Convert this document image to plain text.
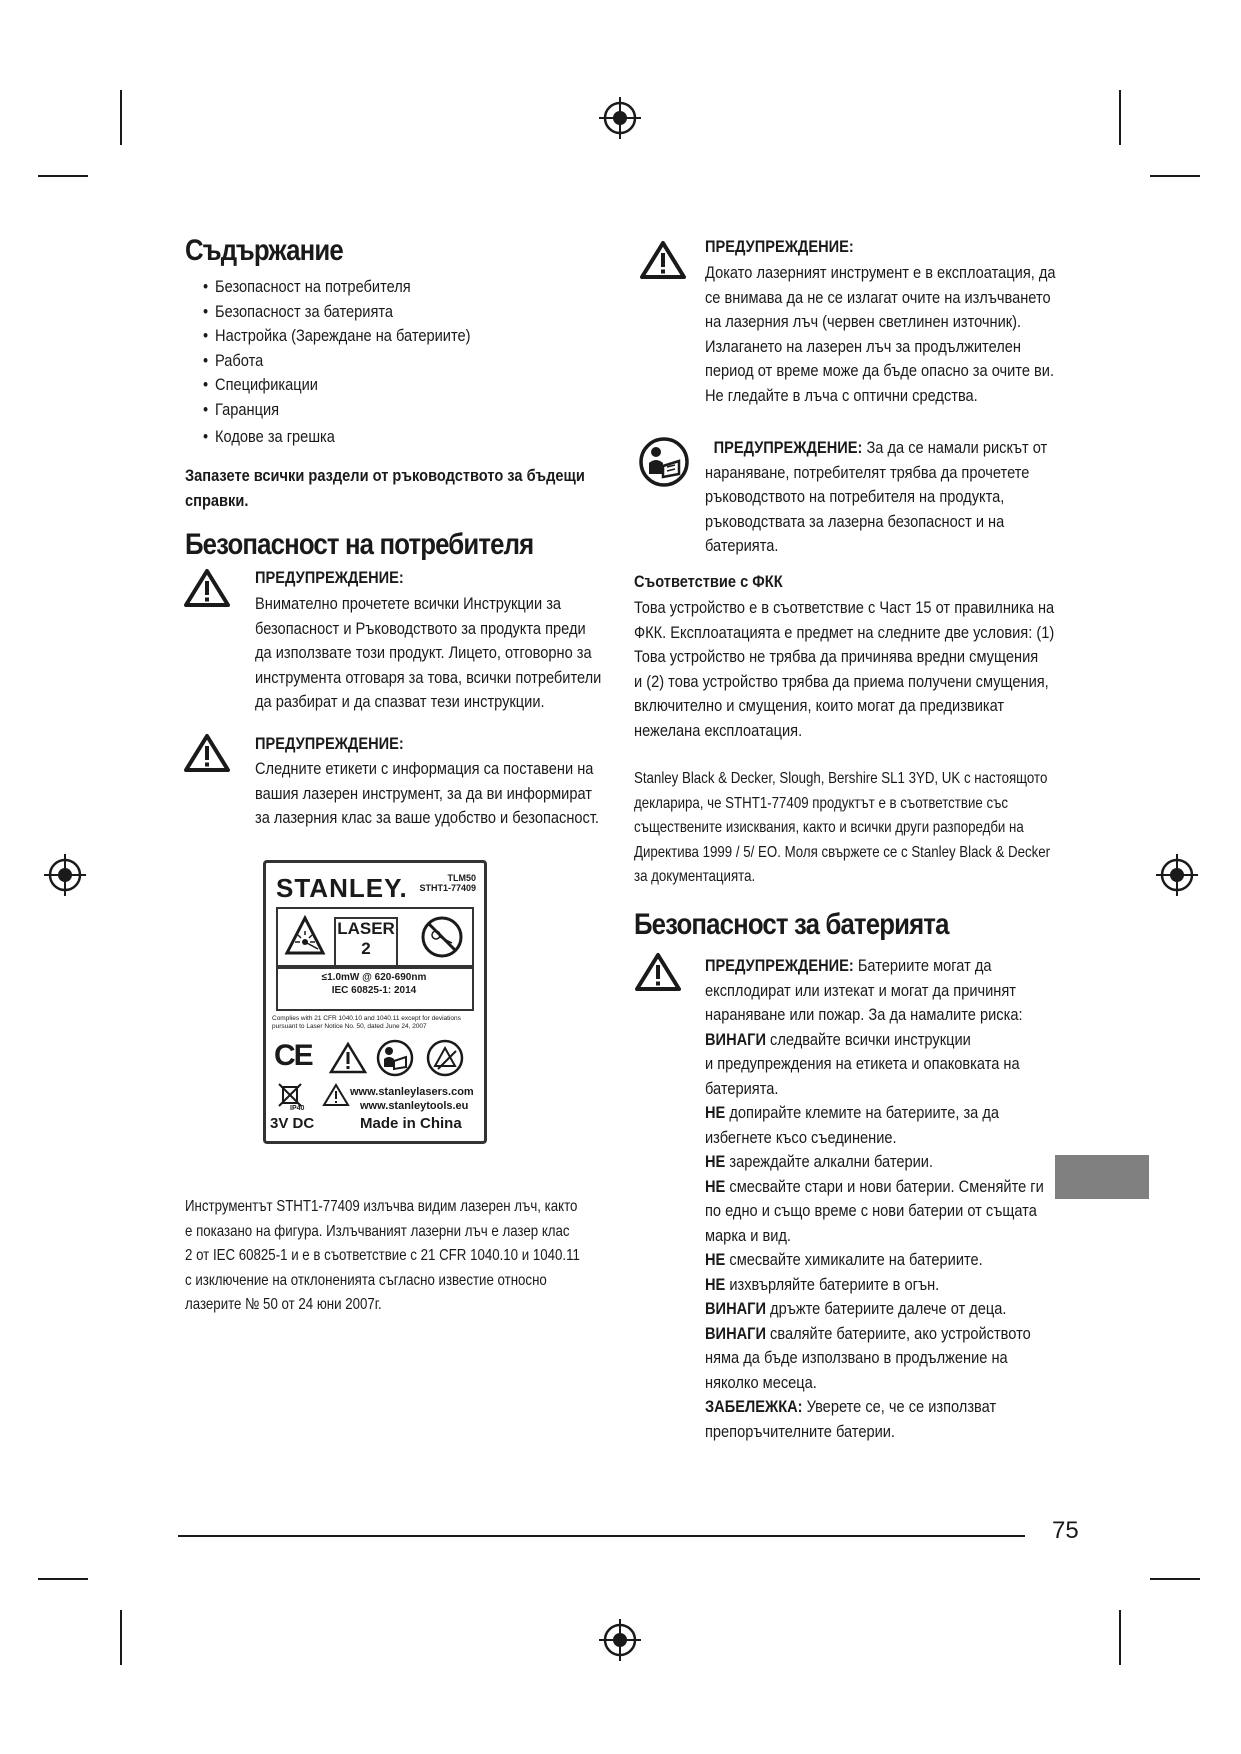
Съдържание
• Безопасност на потребителя
• Безопасност за батерията
• Настройка (Зареждане на батериите)
• Работа
• Спецификации
• Гаранция
• Кодове за грешка
Запазете всички раздели от ръководството за бъдещи
справки.
Безопасност на потребителя
ПРЕДУПРЕЖДЕНИЕ:
Внимателно прочетете всички Инструкции за
безопасност и Ръководството за продукта преди
да използвате този продукт. Лицето, отговорно за
инструмента отговаря за това, всички потребители
да разбират и да спазват тези инструкции.
ПРЕДУПРЕЖДЕНИЕ:
Следните етикети с информация са поставени на
вашия лазерен инструмент, за да ви информират
за лазерния клас за ваше удобство и безопасност.
STANLEY.	TLM50
STHT1-77409
LASER
2
≤1.0mW @ 620-690nm
IEC 60825-1: 2014
Complies with 21 CFR 1040.10 and 1040.11 except for deviations
pursuant to Laser Notice No. 50, dated June 24, 2007
CE
IP40
www.stanleylasers.com
www.stanleytools.eu
3V DC	Made in China
Инструментът STHT1-77409 излъчва видим лазерен лъч, както
е показано на фигура. Излъчваният лазерни лъч е лазер клас
2 от IEC 60825-1 и е в съответствие с 21 CFR 1040.10 и 1040.11
с изключение на отклоненията съгласно известие относно
лазерите № 50 от 24 юни 2007г.
ПРЕДУПРЕЖДЕНИЕ:
Докато лазерният инструмент е в експлоатация, да
се внимава да не се излагат очите на излъчването
на лазерния лъч (червен светлинен източник).
Излагането на лазерен лъч за продължителен
период от време може да бъде опасно за очите ви.
Не гледайте в лъча с оптични средства.
ПРЕДУПРЕЖДЕНИЕ: За да се намали рискът от
нараняване, потребителят трябва да прочетете
ръководството на потребителя на продукта,
ръководствата за лазерна безопасност и на
батерията.
Съответствие с ФКК
Това устройство е в съответствие с Част 15 от правилника на
ФКК. Експлоатацията е предмет на следните две условия: (1)
Това устройство не трябва да причинява вредни смущения
и (2) това устройство трябва да приема получени смущения,
включително и смущения, които могат да предизвикат
нежелана експлоатация.
Stanley Black & Decker, Slough, Bershire SL1 3YD, UK с настоящото
декларира, че STHT1-77409 продуктът е в съответствие със
съществените изисквания, както и всички други разпоредби на
Директива 1999 / 5/ ЕО. Моля свържете се с Stanley Black & Decker
за документацията.
Безопасност за батерията
ПРЕДУПРЕЖДЕНИЕ: Батериите могат да
експлодират или изтекат и могат да причинят
нараняване или пожар. За да намалите риска:
ВИНАГИ следвайте всички инструкции
и предупреждения на етикета и опаковката на
батерията.
НЕ допирайте клемите на батериите, за да
избегнете късо съединение.
НЕ зареждайте алкални батерии.
НЕ смесвайте стари и нови батерии. Сменяйте ги
по едно и също време с нови батерии от същата
марка и вид.
НЕ смесвайте химикалите на батериите.
НЕ изхвърляйте батериите в огън.
ВИНАГИ дръжте батериите далече от деца.
ВИНАГИ сваляйте батериите, ако устройството
няма да бъде използвано в продължение на
няколко месеца.
ЗАБЕЛЕЖКА: Уверете се, че се използват
препоръчителните батерии.
75
